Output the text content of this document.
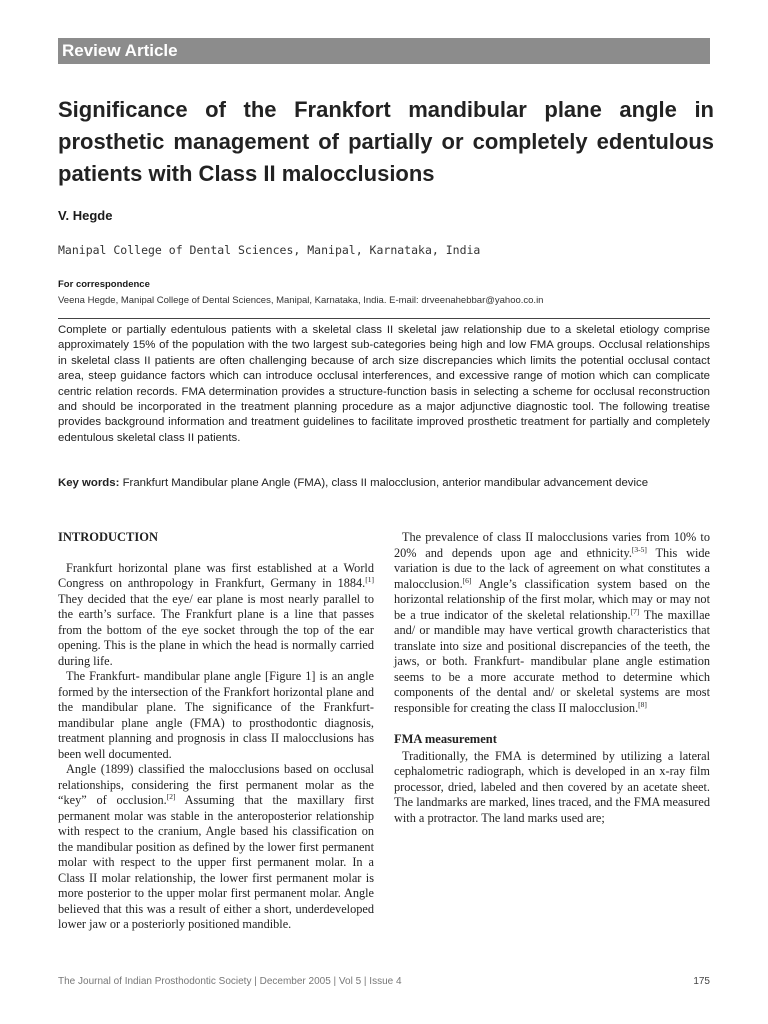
Review Article
Significance of the Frankfort mandibular plane angle in prosthetic management of partially or completely edentulous patients with Class II malocclusions
V. Hegde
Manipal College of Dental Sciences, Manipal, Karnataka, India
For correspondence
Veena Hegde, Manipal College of Dental Sciences, Manipal, Karnataka, India. E-mail: drveenahebbar@yahoo.co.in

Complete or partially edentulous patients with a skeletal class II skeletal jaw relationship due to a skeletal etiology comprise approximately 15% of the population with the two largest sub-categories being high and low FMA groups. Occlusal relationships in skeletal class II patients are often challenging because of arch size discrepancies which limits the potential occlusal contact area, steep guidance factors which can introduce occlusal interferences, and excessive range of motion which can complicate centric relation records. FMA determination provides a structure-function basis in selecting a scheme for occlusal reconstruction and should be incorporated in the treatment planning procedure as a major adjunctive diagnostic tool. The following treatise provides background information and treatment guidelines to facilitate improved prosthetic treatment for partially and completely edentulous skeletal class II patients.

Key words: Frankfurt Mandibular plane Angle (FMA), class II malocclusion, anterior mandibular advancement device

INTRODUCTION

Frankfurt horizontal plane was first established at a World Congress on anthropology in Frankfurt, Germany in 1884.[1] They decided that the eye/ ear plane is most nearly parallel to the earth’s surface. The Frankfurt plane is a line that passes from the bottom of the eye socket through the top of the ear opening. This is the plane in which the head is normally carried during life.

The Frankfurt- mandibular plane angle [Figure 1] is an angle formed by the intersection of the Frankfort horizontal plane and the mandibular plane. The significance of the Frankfurt- mandibular plane angle (FMA) to prosthodontic diagnosis, treatment planning and prognosis in class II malocclusions has been well documented.

Angle (1899) classified the malocclusions based on occlusal relationships, considering the first permanent molar as the “key” of occlusion.[2] Assuming that the maxillary first permanent molar was stable in the anteroposterior relationship with respect to the cranium, Angle based his classification on the mandibular position as defined by the lower first permanent molar with respect to the upper first permanent molar. In a Class II molar relationship, the lower first permanent molar is more posterior to the upper molar first permanent molar. Angle believed that this was a result of either a short, underdeveloped lower jaw or a posteriorly positioned mandible.

The prevalence of class II malocclusions varies from 10% to 20% and depends upon age and ethnicity.[3-5] This wide variation is due to the lack of agreement on what constitutes a malocclusion.[6] Angle’s classification system based on the horizontal relationship of the first molar, which may or may not be a true indicator of the skeletal relationship.[7] The maxillae and/ or mandible may have vertical growth characteristics that translate into size and positional discrepancies of the teeth, the jaws, or both. Frankfurt- mandibular plane angle estimation seems to be a more accurate method to determine which components of the dental and/ or skeletal systems are most responsible for creating the class II malocclusion.[8]

FMA measurement

Traditionally, the FMA is determined by utilizing a lateral cephalometric radiograph, which is developed in an x-ray film processor, dried, labeled and then covered by an acetate sheet. The landmarks are marked, lines traced, and the FMA measured with a protractor. The land marks used are;

The Journal of Indian Prosthodontic Society | December 2005 | Vol 5 | Issue 4	175
